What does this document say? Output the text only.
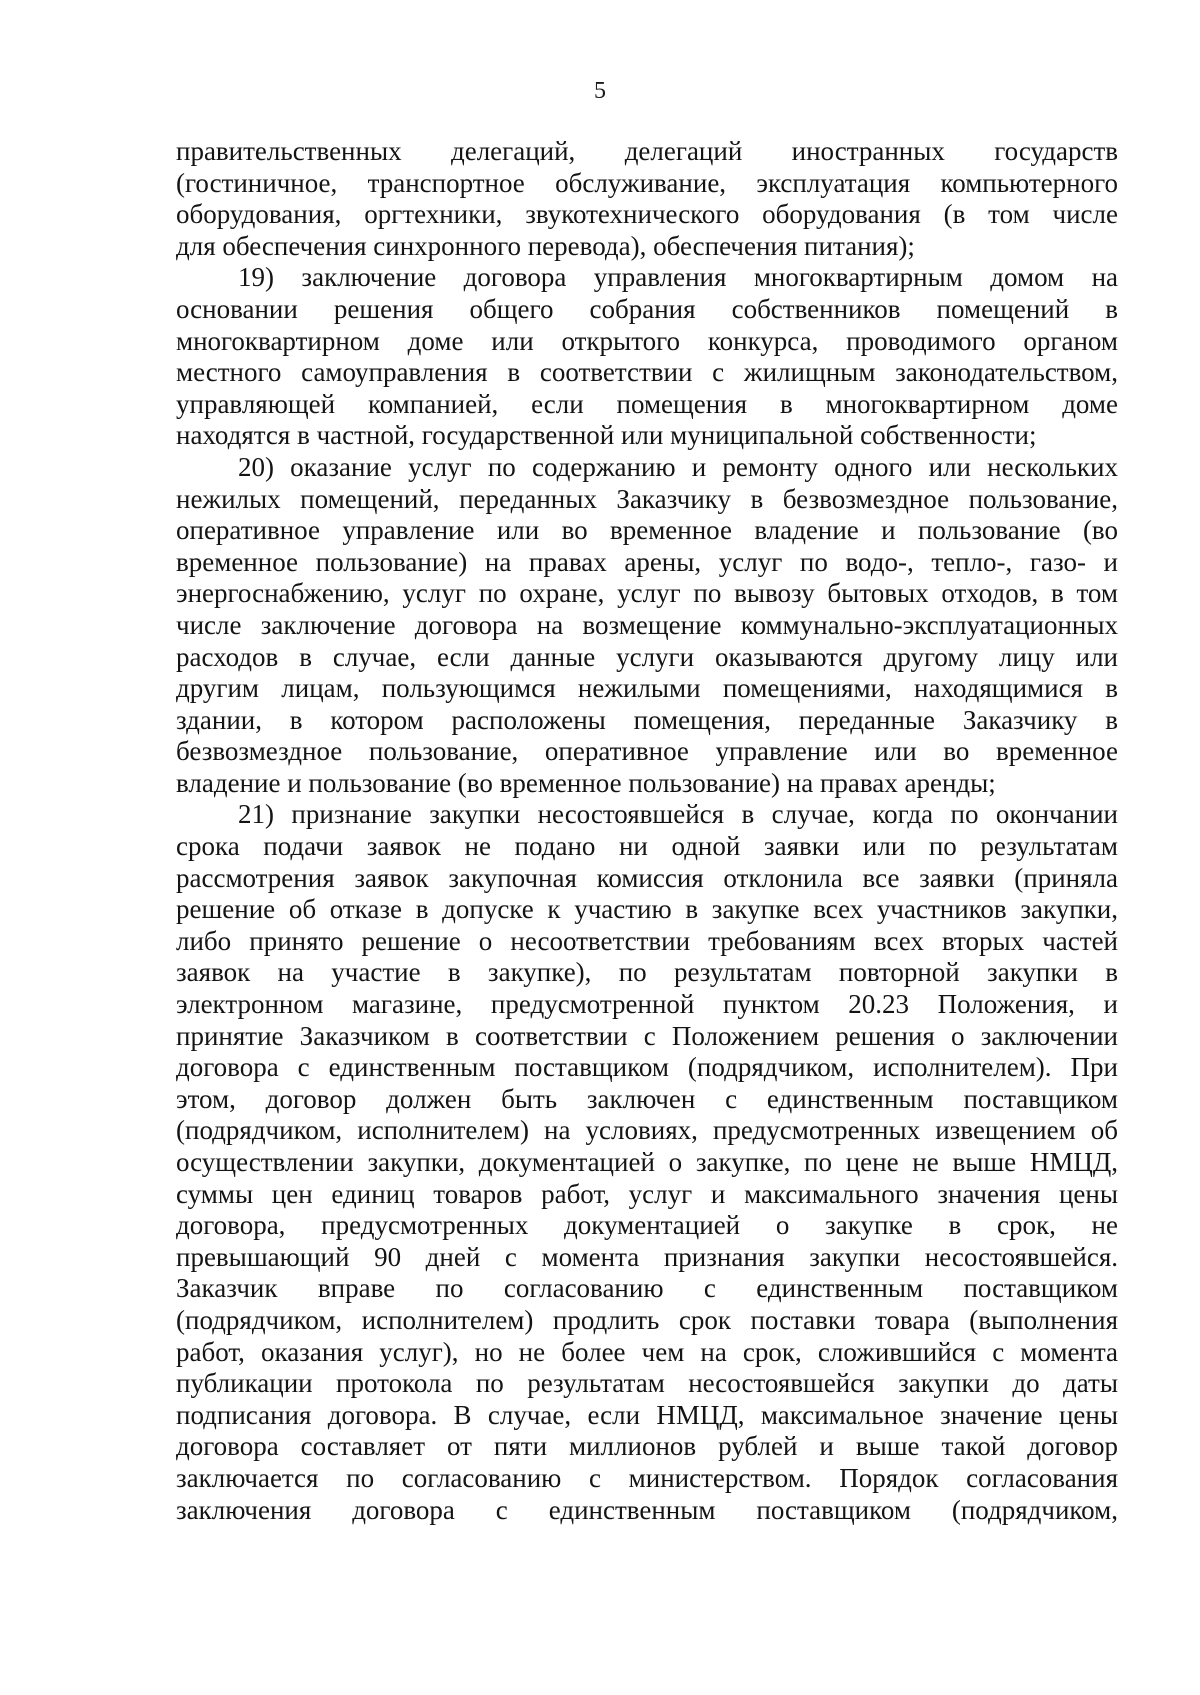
5
правительственных делегаций, делегаций иностранных государств
(гостиничное, транспортное обслуживание, эксплуатация компьютерного
оборудования, оргтехники, звукотехнического оборудования (в том числе
для обеспечения синхронного перевода), обеспечения питания);
19) заключение договора управления многоквартирным домом на
основании решения общего собрания собственников помещений в
многоквартирном доме или открытого конкурса, проводимого органом
местного самоуправления в соответствии с жилищным законодательством,
управляющей компанией, если помещения в многоквартирном доме
находятся в частной, государственной или муниципальной собственности;
20) оказание услуг по содержанию и ремонту одного или нескольких
нежилых помещений, переданных Заказчику в безвозмездное пользование,
оперативное управление или во временное владение и пользование (во
временное пользование) на правах арены, услуг по водо-, тепло-, газо- и
энергоснабжению, услуг по охране, услуг по вывозу бытовых отходов, в том
числе заключение договора на возмещение коммунально-эксплуатационных
расходов в случае, если данные услуги оказываются другому лицу или
другим лицам, пользующимся нежилыми помещениями, находящимися в
здании, в котором расположены помещения, переданные Заказчику в
безвозмездное пользование, оперативное управление или во временное
владение и пользование (во временное пользование) на правах аренды;
21) признание закупки несостоявшейся в случае, когда по окончании
срока подачи заявок не подано ни одной заявки или по результатам
рассмотрения заявок закупочная комиссия отклонила все заявки (приняла
решение об отказе в допуске к участию в закупке всех участников закупки,
либо принято решение о несоответствии требованиям всех вторых частей
заявок на участие в закупке), по результатам повторной закупки в
электронном магазине, предусмотренной пунктом 20.23 Положения, и
принятие Заказчиком в соответствии с Положением решения о заключении
договора с единственным поставщиком (подрядчиком, исполнителем). При
этом, договор должен быть заключен с единственным поставщиком
(подрядчиком, исполнителем) на условиях, предусмотренных извещением об
осуществлении закупки, документацией о закупке, по цене не выше НМЦД,
суммы цен единиц товаров работ, услуг и максимального значения цены
договора, предусмотренных документацией о закупке в срок, не
превышающий 90 дней с момента признания закупки несостоявшейся.
Заказчик вправе по согласованию с единственным поставщиком
(подрядчиком, исполнителем) продлить срок поставки товара (выполнения
работ, оказания услуг), но не более чем на срок, сложившийся с момента
публикации протокола по результатам несостоявшейся закупки до даты
подписания договора. В случае, если НМЦД, максимальное значение цены
договора составляет от пяти миллионов рублей и выше такой договор
заключается по согласованию с министерством. Порядок согласования
заключения договора с единственным поставщиком (подрядчиком,
